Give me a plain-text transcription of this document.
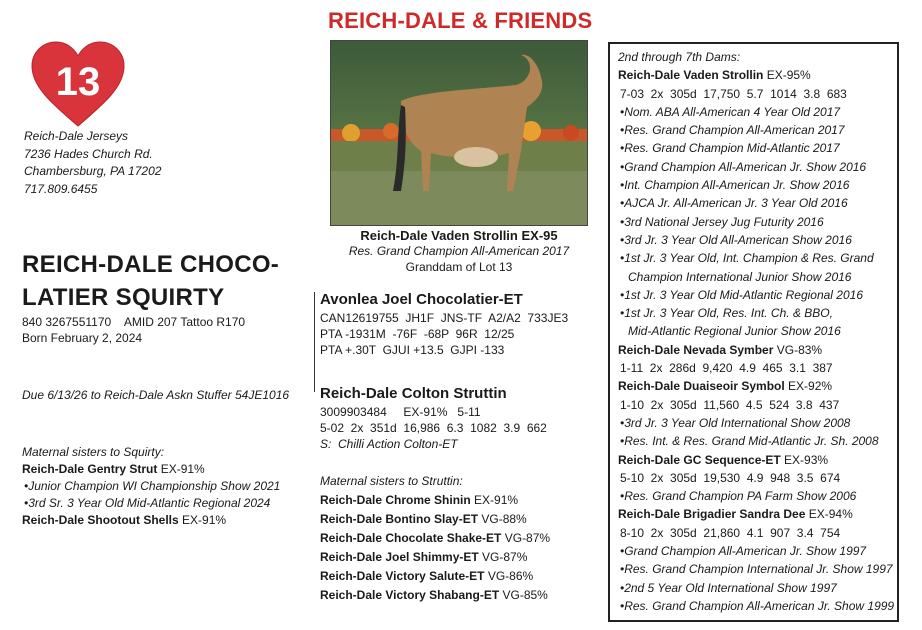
REICH-DALE & FRIENDS
13
Reich-Dale Jerseys
7236 Hades Church Rd.
Chambersburg, PA 17202
717.809.6455
REICH-DALE CHOCO-
LATIER SQUIRTY
840 3267551170    AMID 207 Tattoo R170
Born February 2, 2024
Due 6/13/26 to Reich-Dale Askn Stuffer 54JE1016
Maternal sisters to Squirty:
Reich-Dale Gentry Strut EX-91%
•Junior Champion WI Championship Show 2021
•3rd Sr. 3 Year Old Mid-Atlantic Regional 2024
Reich-Dale Shootout Shells EX-91%
Reich-Dale Vaden Strollin EX-95
Res. Grand Champion All-American 2017
Granddam of Lot 13
Avonlea Joel Chocolatier-ET
CAN12619755  JH1F  JNS-TF  A2/A2  733JE3
PTA -1931M  -76F  -68P  96R  12/25
PTA +.30T  GJUI +13.5  GJPI -133
Reich-Dale Colton Struttin
3009903484     EX-91%   5-11
5-02  2x  351d  16,986  6.3  1082  3.9  662
S:  Chilli Action Colton-ET
Maternal sisters to Struttin:
Reich-Dale Chrome Shinin EX-91%
Reich-Dale Bontino Slay-ET VG-88%
Reich-Dale Chocolate Shake-ET VG-87%
Reich-Dale Joel Shimmy-ET VG-87%
Reich-Dale Victory Salute-ET VG-86%
Reich-Dale Victory Shabang-ET VG-85%
2nd through 7th Dams:
Reich-Dale Vaden Strollin EX-95%
7-03  2x  305d  17,750  5.7  1014  3.8  683
•Nom. ABA All-American 4 Year Old 2017
•Res. Grand Champion All-American 2017
•Res. Grand Champion Mid-Atlantic 2017
•Grand Champion All-American Jr. Show 2016
•Int. Champion All-American Jr. Show 2016
•AJCA Jr. All-American Jr. 3 Year Old 2016
•3rd National Jersey Jug Futurity 2016
•3rd Jr. 3 Year Old All-American Show 2016
•1st Jr. 3 Year Old, Int. Champion & Res. Grand
Champion International Junior Show 2016
•1st Jr. 3 Year Old Mid-Atlantic Regional 2016
•1st Jr. 3 Year Old, Res. Int. Ch. & BBO,
Mid-Atlantic Regional Junior Show 2016
Reich-Dale Nevada Symber VG-83%
1-11  2x  286d  9,420  4.9  465  3.1  387
Reich-Dale Duaiseoir Symbol EX-92%
1-10  2x  305d  11,560  4.5  524  3.8  437
•3rd Jr. 3 Year Old International Show 2008
•Res. Int. & Res. Grand Mid-Atlantic Jr. Sh. 2008
Reich-Dale GC Sequence-ET EX-93%
5-10  2x  305d  19,530  4.9  948  3.5  674
•Res. Grand Champion PA Farm Show 2006
Reich-Dale Brigadier Sandra Dee EX-94%
8-10  2x  305d  21,860  4.1  907  3.4  754
•Grand Champion All-American Jr. Show 1997
•Res. Grand Champion International Jr. Show 1997
•2nd 5 Year Old International Show 1997
•Res. Grand Champion All-American Jr. Show 1999
